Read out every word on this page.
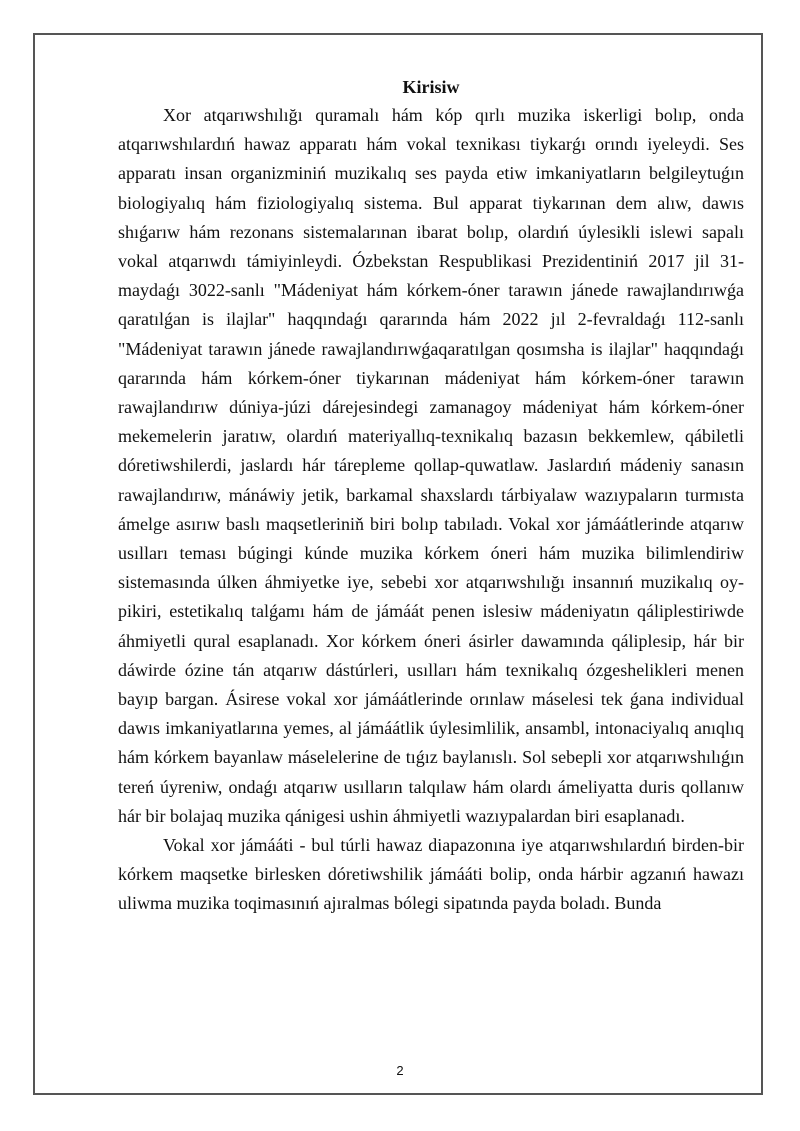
Kirisiw

Xor atqarıwshılığı quramalı hám kóp qırlı muzika iskerligi bolıp, onda atqarıwshılardıń hawaz apparatı hám vokal texnikası tiykarǵı orındı iyeleydi. Ses apparatı insan organizminiń muzikalıq ses payda etiw imkaniyatların belgileytuǵın biologiyalıq hám fiziologiyalıq sistema. Bul apparat tiykarınan dem alıw, dawıs shıǵarıw hám rezonans sistemalarınan ibarat bolıp, olardıń úylesikli islewi sapalı vokal atqarıwdı támiyinleydi. Ózbekstan Respublikasi Prezidentiniń 2017 jil 31-maydaǵı 3022-sanlı "Mádeniyat hám kórkem-óner tarawın jánede rawajlandırıwǵa qaratılǵan is ilajlar" haqqındaǵı qararında hám 2022 jıl 2-fevraldaǵı 112-sanlı "Mádeniyat tarawın jánede rawajlandırıwǵaqaratılgan qosımsha is ilajlar" haqqındaǵı qararında hám kórkem-óner tiykarınan mádeniyat hám kórkem-óner tarawın rawajlandırıw dúniya-júzi dárejesindegi zamanagoy mádeniyat hám kórkem-óner mekemelerin jaratıw, olardıń materiyallıq-texnikalıq bazasın bekkemlew, qábiletli dóretiwshilerdi, jaslardı hár tárepleme qollap-quwatlaw. Jaslardıń mádeniy sanasın rawajlandırıw, mánáwiy jetik, barkamal shaxslardı tárbiyalaw wazıypaların turmısta ámelge asırıw baslı maqsetleriniň biri bolıp tabıladı. Vokal xor jámáátlerinde atqarıw usılları teması búgingi kúnde muzika kórkem óneri hám muzika bilimlendiriw sistemasında úlken áhmiyetke iye, sebebi xor atqarıwshılığı insannıń muzikalıq oy-pikiri, estetikalıq talǵamı hám de jámáát penen islesiw mádeniyatın qáliplestiriwde áhmiyetli qural esaplanadı. Xor kórkem óneri ásirler dawamında qáliplesip, hár bir dáwirde ózine tán atqarıw dástúrleri, usılları hám texnikalıq ózgeshelikleri menen bayıp bargan. Ásirese vokal xor jámáátlerinde orınlaw máselesi tek ǵana individual dawıs imkaniyatlarına yemes, al jámáátlik úylesimlilik, ansambl, intonaciyalıq anıqlıq hám kórkem bayanlaw máselelerine de tıǵız baylanıslı. Sol sebepli xor atqarıwshılıǵın tereń úyreniw, ondaǵı atqarıw usılların talqılaw hám olardı ámeliyatta duris qollanıw hár bir bolajaq muzika qánigesi ushin áhmiyetli wazıypalardan biri esaplanadı.

Vokal xor jámááti - bul túrli hawaz diapazonına iye atqarıwshılardıń birden-bir kórkem maqsetke birlesken dóretiwshilik jámááti bolip, onda hárbir agzanıń hawazı uliwma muzika toqimasınıń ajıralmas bólegi sipatında payda boladı. Bunda

2
